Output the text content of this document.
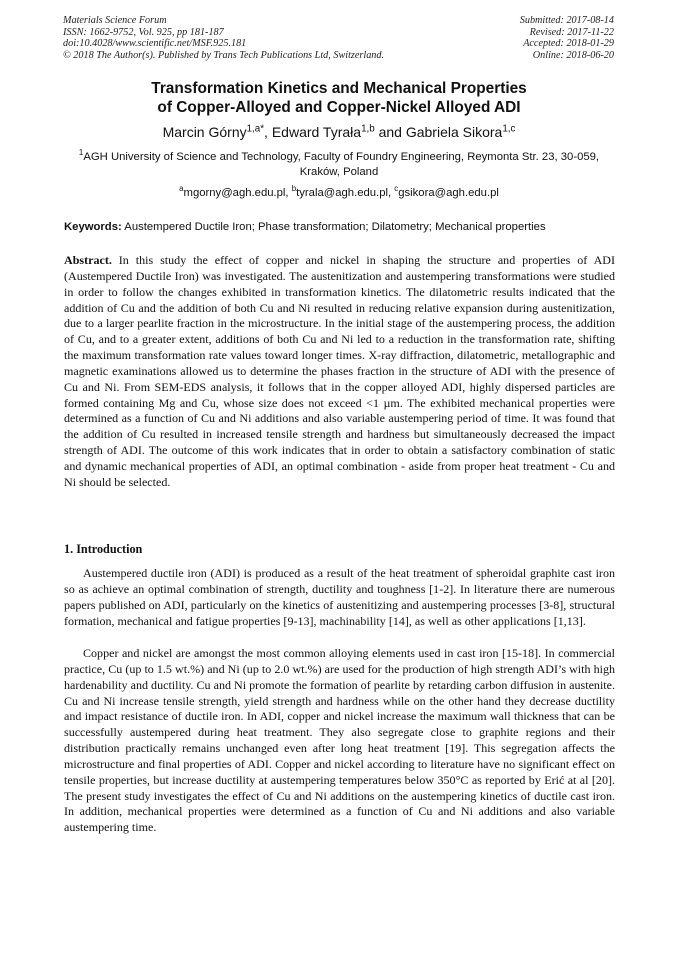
Materials Science Forum
ISSN: 1662-9752, Vol. 925, pp 181-187
doi:10.4028/www.scientific.net/MSF.925.181
© 2018 The Author(s). Published by Trans Tech Publications Ltd, Switzerland.
Submitted: 2017-08-14
Revised: 2017-11-22
Accepted: 2018-01-29
Online: 2018-06-20
Transformation Kinetics and Mechanical Properties
of Copper-Alloyed and Copper-Nickel Alloyed ADI
Marcin Górny$^{1,a*}$, Edward Tyrała$^{1,b}$ and Gabriela Sikora$^{1,c}$
$^1$AGH University of Science and Technology, Faculty of Foundry Engineering, Reymonta Str. 23, 30-059, Kraków, Poland
$^a$mgorny@agh.edu.pl, $^b$tyrala@agh.edu.pl, $^c$gsikora@agh.edu.pl
Keywords: Austempered Ductile Iron; Phase transformation; Dilatometry; Mechanical properties

Abstract. In this study the effect of copper and nickel in shaping the structure and properties of ADI (Austempered Ductile Iron) was investigated. The austenitization and austempering transformations were studied in order to follow the changes exhibited in transformation kinetics. The dilatometric results indicated that the addition of Cu and the addition of both Cu and Ni resulted in reducing relative expansion during austenitization, due to a larger pearlite fraction in the microstructure. In the initial stage of the austempering process, the addition of Cu, and to a greater extent, additions of both Cu and Ni led to a reduction in the transformation rate, shifting the maximum transformation rate values toward longer times. X-ray diffraction, dilatometric, metallographic and magnetic examinations allowed us to determine the phases fraction in the structure of ADI with the presence of Cu and Ni. From SEM-EDS analysis, it follows that in the copper alloyed ADI, highly dispersed particles are formed containing Mg and Cu, whose size does not exceed <1 µm. The exhibited mechanical properties were determined as a function of Cu and Ni additions and also variable austempering period of time. It was found that the addition of Cu resulted in increased tensile strength and hardness but simultaneously decreased the impact strength of ADI. The outcome of this work indicates that in order to obtain a satisfactory combination of static and dynamic mechanical properties of ADI, an optimal combination - aside from proper heat treatment - Cu and Ni should be selected.

1. Introduction

Austempered ductile iron (ADI) is produced as a result of the heat treatment of spheroidal graphite cast iron so as achieve an optimal combination of strength, ductility and toughness [1-2]. In literature there are numerous papers published on ADI, particularly on the kinetics of austenitizing and austempering processes [3-8], structural formation, mechanical and fatigue properties [9-13], machinability [14], as well as other applications [1,13].

Copper and nickel are amongst the most common alloying elements used in cast iron [15-18]. In commercial practice, Cu (up to 1.5 wt.%) and Ni (up to 2.0 wt.%) are used for the production of high strength ADI’s with high hardenability and ductility. Cu and Ni promote the formation of pearlite by retarding carbon diffusion in austenite. Cu and Ni increase tensile strength, yield strength and hardness while on the other hand they decrease ductility and impact resistance of ductile iron. In ADI, copper and nickel increase the maximum wall thickness that can be successfully austempered during heat treatment. They also segregate close to graphite regions and their distribution practically remains unchanged even after long heat treatment [19]. This segregation affects the microstructure and final properties of ADI. Copper and nickel according to literature have no significant effect on tensile properties, but increase ductility at austempering temperatures below 350°C as reported by Erić at al [20]. The present study investigates the effect of Cu and Ni additions on the austempering kinetics of ductile cast iron. In addition, mechanical properties were determined as a function of Cu and Ni additions and also variable austempering time.
